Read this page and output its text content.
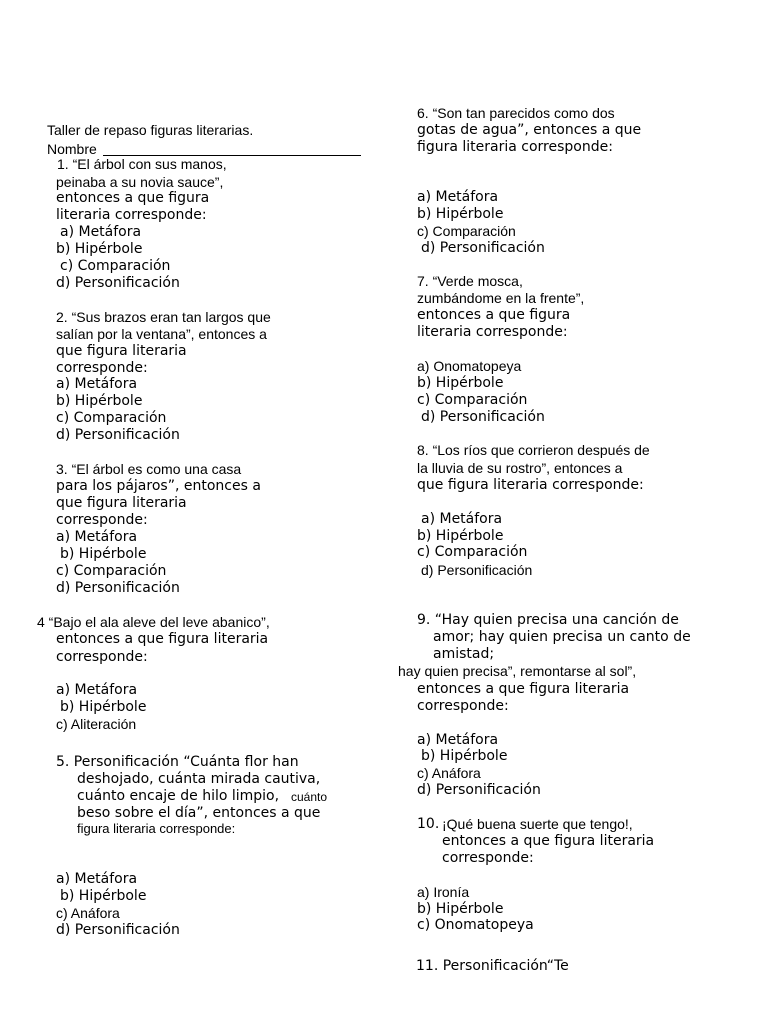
Taller de repaso figuras literarias.
Nombre
1. “El árbol con sus manos,
peinaba a su novia sauce”,
entonces a que figura
literaria corresponde:
a) Metáfora
b) Hipérbole
c) Comparación
d) Personificación
2. “Sus brazos eran tan largos que
salían por la ventana”, entonces a
que figura literaria
corresponde:
a) Metáfora
b) Hipérbole
c) Comparación
d) Personificación
3. “El árbol es como una casa
para los pájaros”, entonces a
que figura literaria
corresponde:
a) Metáfora
b) Hipérbole
c) Comparación
d) Personificación
4 “Bajo el ala aleve del leve abanico”,
entonces a que figura literaria
corresponde:
a) Metáfora
b) Hipérbole
c) Aliteración
5. Personificación “Cuánta flor han
deshojado, cuánta mirada cautiva,
cuánto encaje de hilo limpio, cuánto
beso sobre el día”, entonces a que
figura literaria corresponde:
a) Metáfora
b) Hipérbole
c) Anáfora
d) Personificación
6. “Son tan parecidos como dos
gotas de agua”, entonces a que
figura literaria corresponde:
a) Metáfora
b) Hipérbole
c) Comparación
d) Personificación
7. “Verde mosca,
zumbándome en la frente”,
entonces a que figura
literaria corresponde:
a) Onomatopeya
b) Hipérbole
c) Comparación
d) Personificación
8. “Los ríos que corrieron después de
la lluvia de su rostro”, entonces a
que figura literaria corresponde:
a) Metáfora
b) Hipérbole
c) Comparación
d) Personificación
9. “Hay quien precisa una canción de
amor; hay quien precisa un canto de
amistad;
hay quien precisa”, remontarse al sol”,
entonces a que figura literaria
corresponde:
a) Metáfora
b) Hipérbole
c) Anáfora
d) Personificación
10. ¡Qué buena suerte que tengo!,
entonces a que figura literaria
corresponde:
a) Ironía
b) Hipérbole
c) Onomatopeya
11. Personificación“Te
